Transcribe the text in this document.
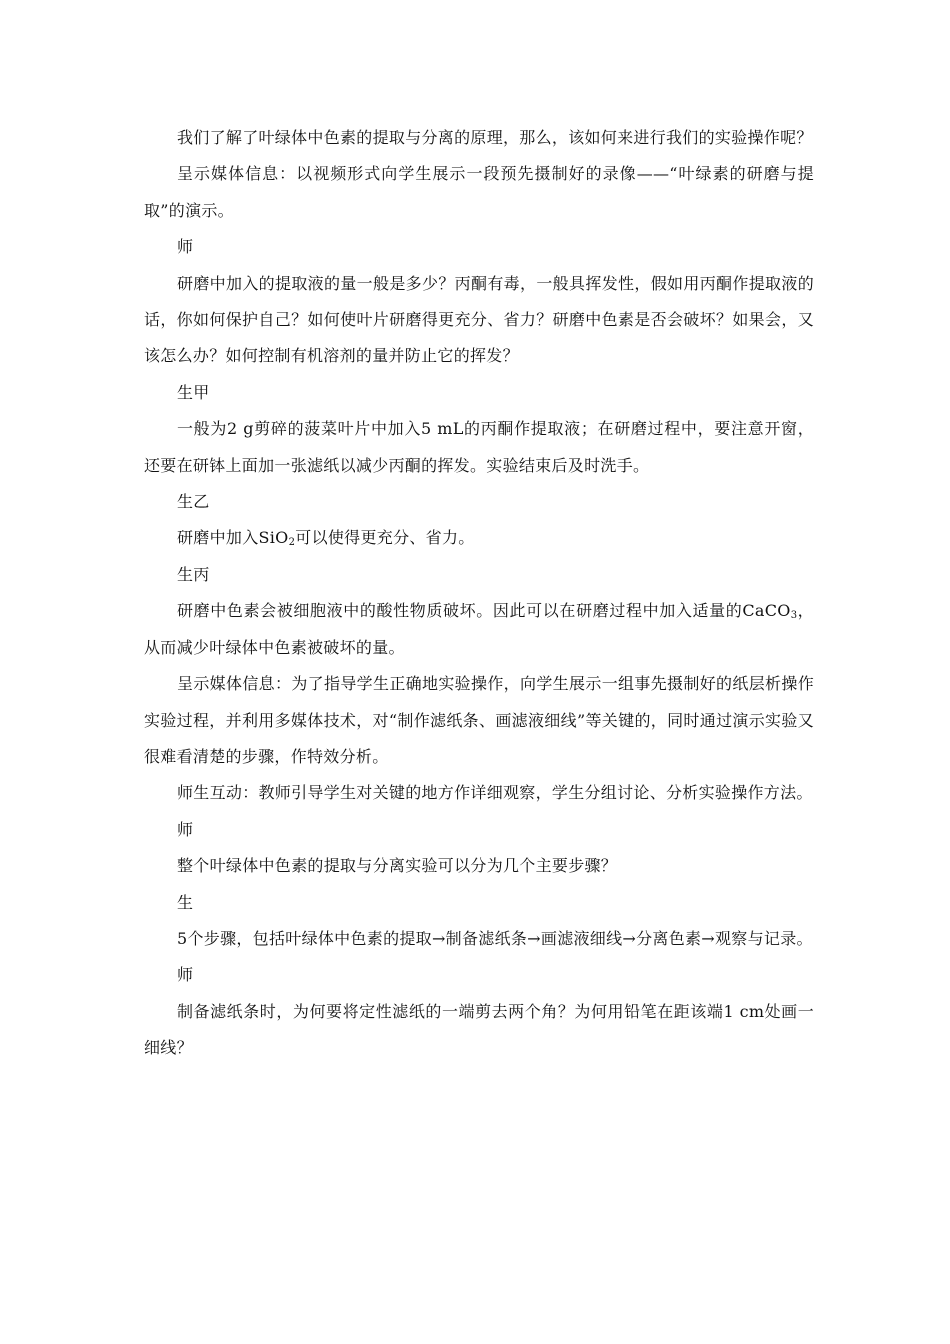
我们了解了叶绿体中色素的提取与分离的原理，那么，该如何来进行我们的实验操作呢？

呈示媒体信息：以视频形式向学生展示一段预先摄制好的录像——“叶绿素的研磨与提取”的演示。

师

研磨中加入的提取液的量一般是多少？丙酮有毒，一般具挥发性，假如用丙酮作提取液的话，你如何保护自己？如何使叶片研磨得更充分、省力？研磨中色素是否会破坏？如果会，又该怎么办？如何控制有机溶剂的量并防止它的挥发？

生甲

一般为2 g剪碎的菠菜叶片中加入5 mL的丙酮作提取液；在研磨过程中，要注意开窗，还要在研钵上面加一张滤纸以减少丙酮的挥发。实验结束后及时洗手。

生乙

研磨中加入SiO$_2$可以使得更充分、省力。

生丙

研磨中色素会被细胞液中的酸性物质破坏。因此可以在研磨过程中加入适量的CaCO$_3$，从而减少叶绿体中色素被破坏的量。

呈示媒体信息：为了指导学生正确地实验操作，向学生展示一组事先摄制好的纸层析操作实验过程，并利用多媒体技术，对“制作滤纸条、画滤液细线”等关键的，同时通过演示实验又很难看清楚的步骤，作特效分析。

师生互动：教师引导学生对关键的地方作详细观察，学生分组讨论、分析实验操作方法。

师

整个叶绿体中色素的提取与分离实验可以分为几个主要步骤？

生

5个步骤，包括叶绿体中色素的提取→制备滤纸条→画滤液细线→分离色素→观察与记录。

师

制备滤纸条时，为何要将定性滤纸的一端剪去两个角？为何用铅笔在距该端1 cm处画一细线？
